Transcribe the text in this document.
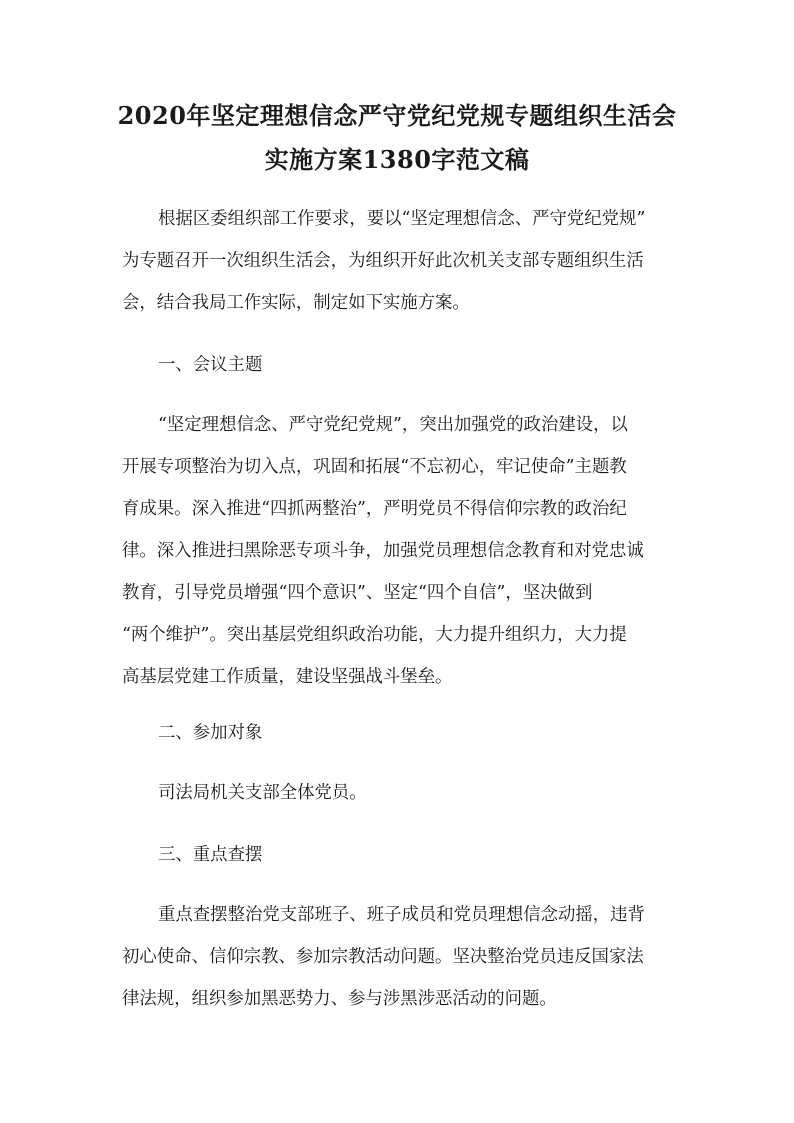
2020年坚定理想信念严守党纪党规专题组织生活会
实施方案1380字范文稿
根据区委组织部工作要求，要以“坚定理想信念、严守党纪党规”
为专题召开一次组织生活会，为组织开好此次机关支部专题组织生活
会，结合我局工作实际，制定如下实施方案。
一、会议主题
“坚定理想信念、严守党纪党规”，突出加强党的政治建设，以
开展专项整治为切入点，巩固和拓展“不忘初心，牢记使命”主题教
育成果。深入推进“四抓两整治”，严明党员不得信仰宗教的政治纪
律。深入推进扫黑除恶专项斗争，加强党员理想信念教育和对党忠诚
教育，引导党员增强“四个意识”、坚定“四个自信”，坚决做到
“两个维护”。突出基层党组织政治功能，大力提升组织力，大力提
高基层党建工作质量，建设坚强战斗堡垒。
二、参加对象
司法局机关支部全体党员。
三、重点查摆
重点查摆整治党支部班子、班子成员和党员理想信念动摇，违背
初心使命、信仰宗教、参加宗教活动问题。坚决整治党员违反国家法
律法规，组织参加黑恶势力、参与涉黑涉恶活动的问题。
